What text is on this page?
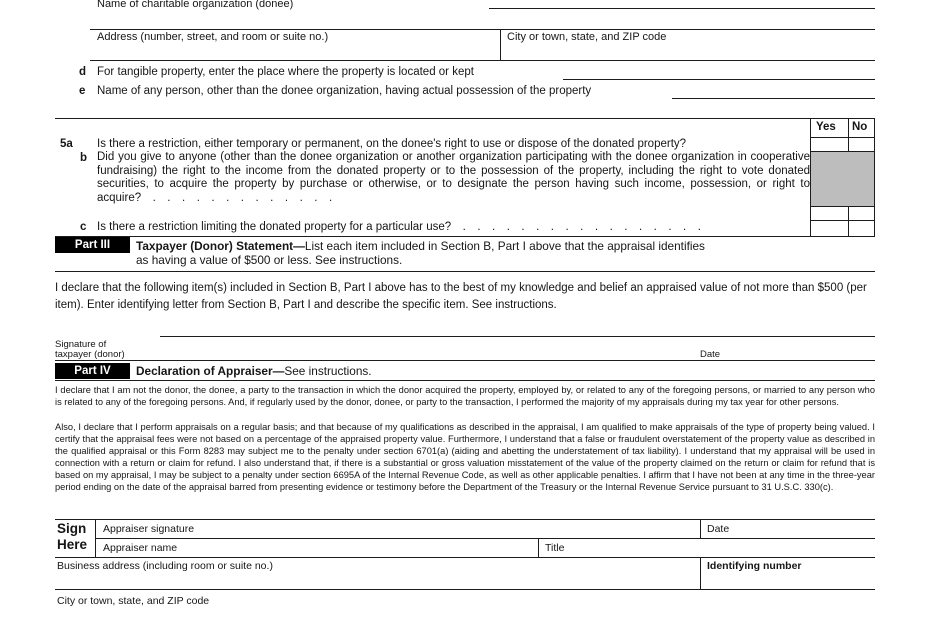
Name of charitable organization (donee)
Address (number, street, and room or suite no.)	City or town, state, and ZIP code
d For tangible property, enter the place where the property is located or kept
e Name of any person, other than the donee organization, having actual possession of the property
Yes No
5a Is there a restriction, either temporary or permanent, on the donee's right to use or dispose of the donated property?
b Did you give to anyone (other than the donee organization or another organization participating with the donee organization in cooperative fundraising) the right to the income from the donated property or to the possession of the property, including the right to vote donated securities, to acquire the property by purchase or otherwise, or to designate the person having such income, possession, or right to acquire?  .  .  .  .  .  .  .  .  .  .  .  .  .
c Is there a restriction limiting the donated property for a particular use?  .  .  .  .  .  .  .  .  .  .  .  .  .  .  .  .  .
Part III	Taxpayer (Donor) Statement—List each item included in Section B, Part I above that the appraisal identifies
as having a value of $500 or less. See instructions.
I declare that the following item(s) included in Section B, Part I above has to the best of my knowledge and belief an appraised value of not more than $500 (per item). Enter identifying letter from Section B, Part I and describe the specific item. See instructions.
Signature of
taxpayer (donor)	Date
Part IV	Declaration of Appraiser—See instructions.
I declare that I am not the donor, the donee, a party to the transaction in which the donor acquired the property, employed by, or related to any of the foregoing persons, or married to any person who is related to any of the foregoing persons. And, if regularly used by the donor, donee, or party to the transaction, I performed the majority of my appraisals during my tax year for other persons.
Also, I declare that I perform appraisals on a regular basis; and that because of my qualifications as described in the appraisal, I am qualified to make appraisals of the type of property being valued. I certify that the appraisal fees were not based on a percentage of the appraised property value. Furthermore, I understand that a false or fraudulent overstatement of the property value as described in the qualified appraisal or this Form 8283 may subject me to the penalty under section 6701(a) (aiding and abetting the understatement of tax liability). I understand that my appraisal will be used in connection with a return or claim for refund. I also understand that, if there is a substantial or gross valuation misstatement of the value of the property claimed on the return or claim for refund that is based on my appraisal, I may be subject to a penalty under section 6695A of the Internal Revenue Code, as well as other applicable penalties. I affirm that I have not been at any time in the three-year period ending on the date of the appraisal barred from presenting evidence or testimony before the Department of the Treasury or the Internal Revenue Service pursuant to 31 U.S.C. 330(c).
Sign
Here
Appraiser signature	Date
Appraiser name	Title
Business address (including room or suite no.)	Identifying number
City or town, state, and ZIP code
